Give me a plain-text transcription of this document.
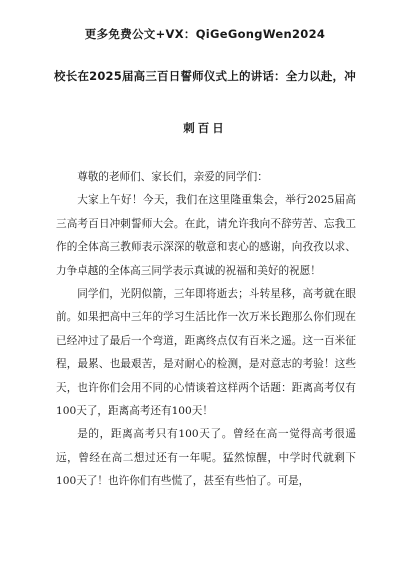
更多免费公文+VX：QiGeGongWen2024
校长在2025届高三百日誓师仪式上的讲话：全力以赴，冲
刺百日

尊敬的老师们、家长们，亲爱的同学们：

大家上午好！今天，我们在这里隆重集会，举行2025届高三高考百日冲刺誓师大会。在此，请允许我向不辞劳苦、忘我工作的全体高三教师表示深深的敬意和衷心的感谢，向孜孜以求、力争卓越的全体高三同学表示真诚的祝福和美好的祝愿！

同学们，光阴似箭，三年即将逝去；斗转星移，高考就在眼前。如果把高中三年的学习生活比作一次万米长跑那么你们现在已经冲过了最后一个弯道，距离终点仅有百米之遥。这一百米征程，最累、也最艰苦，是对耐心的检测，是对意志的考验！这些天，也许你们会用不同的心情谈着这样两个话题：距离高考仅有100天了，距离高考还有100天！

是的，距离高考只有100天了。曾经在高一觉得高考很遥远，曾经在高二想过还有一年呢。猛然惊醒，中学时代就剩下100天了！也许你们有些慌了，甚至有些怕了。可是，
